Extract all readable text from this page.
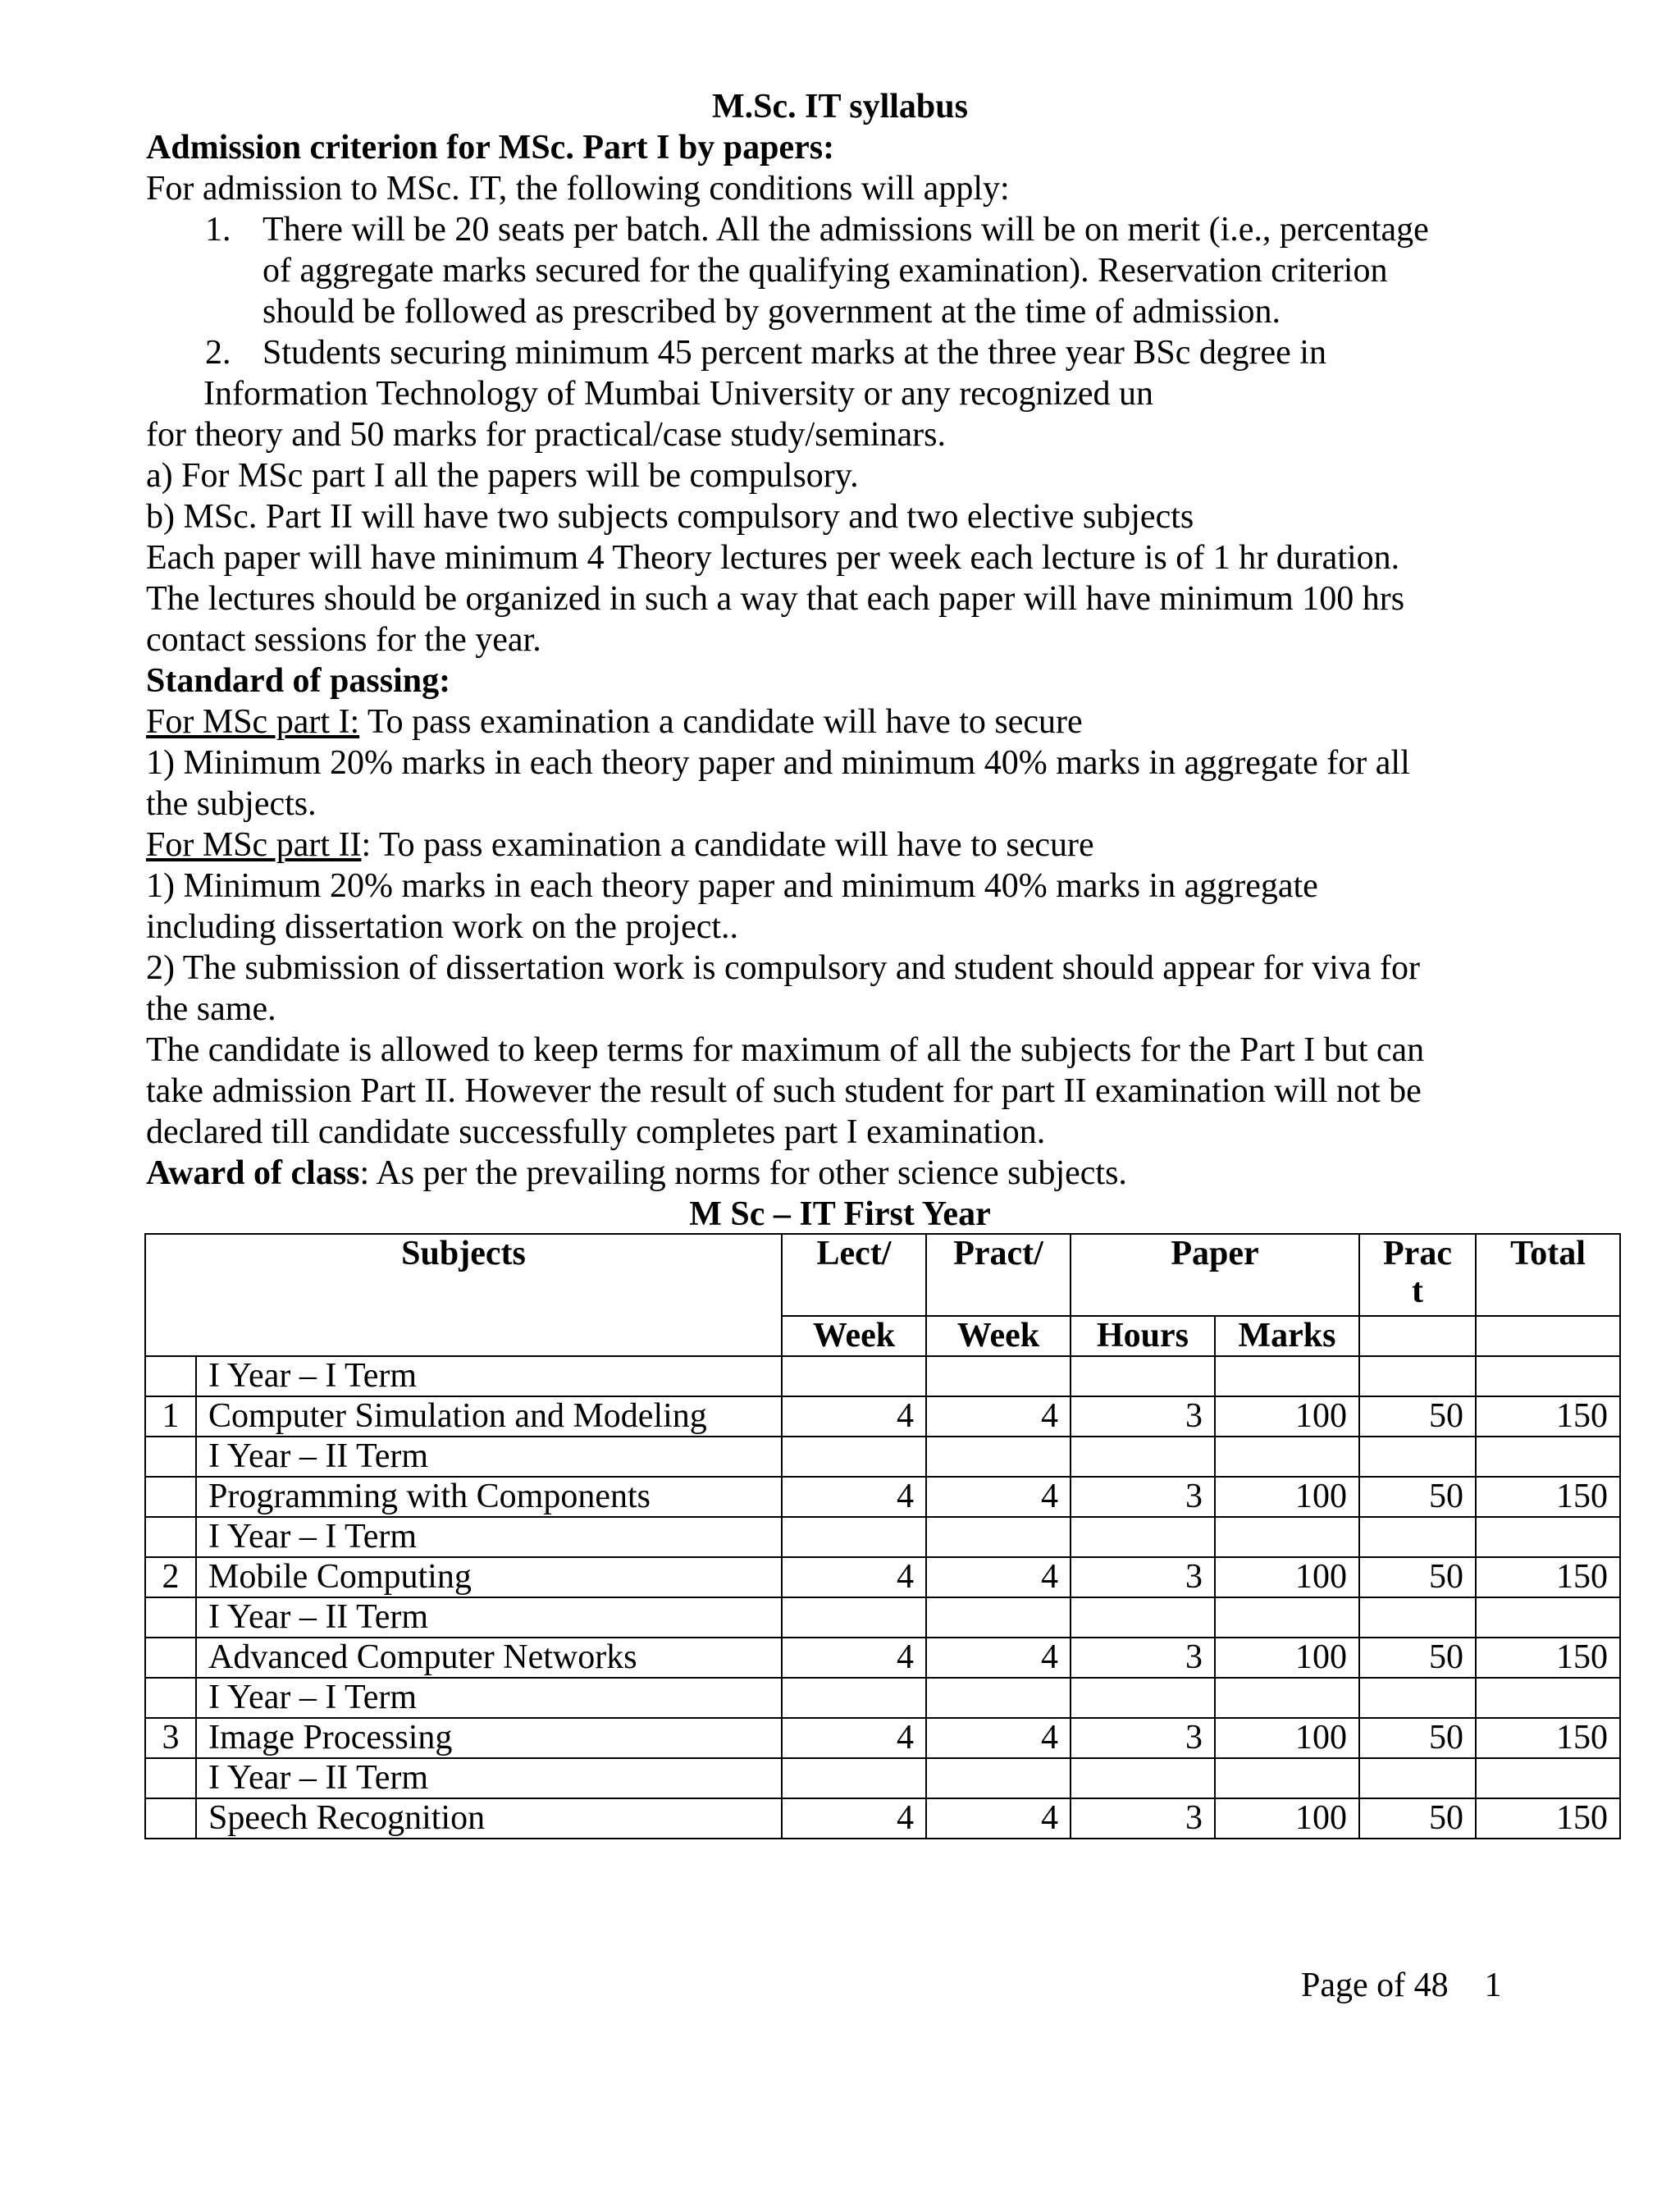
M.Sc. IT syllabus
Admission criterion for MSc. Part I by papers:
For admission to MSc. IT, the following conditions will apply:
1. There will be 20 seats per batch. All the admissions will be on merit (i.e., percentage
of aggregate marks secured for the qualifying examination). Reservation criterion
should be followed as prescribed by government at the time of admission.
2. Students securing minimum 45 percent marks at the three year BSc degree in
Information Technology of Mumbai University or any recognized un
for theory and 50 marks for practical/case study/seminars.
a) For MSc part I all the papers will be compulsory.
b) MSc. Part II will have two subjects compulsory and two elective subjects
Each paper will have minimum 4 Theory lectures per week each lecture is of 1 hr duration.
The lectures should be organized in such a way that each paper will have minimum 100 hrs
contact sessions for the year.
Standard of passing:
For MSc part I: To pass examination a candidate will have to secure
1) Minimum 20% marks in each theory paper and minimum 40% marks in aggregate for all
the subjects.
For MSc part II: To pass examination a candidate will have to secure
1) Minimum 20% marks in each theory paper and minimum 40% marks in aggregate
including dissertation work on the project..
2) The submission of dissertation work is compulsory and student should appear for viva for
the same.
The candidate is allowed to keep terms for maximum of all the subjects for the Part I but can
take admission Part II. However the result of such student for part II examination will not be
declared till candidate successfully completes part I examination.
Award of class: As per the prevailing norms for other science subjects.
M Sc – IT First Year
Subjects		Lect/	Pract/	Paper		Prac
t	Total
		Week	Week	Hours	Marks		
	I Year – I Term						
1	Computer Simulation and Modeling	4	4	3	100	50	150
	I Year – II Term						
	Programming with Components	4	4	3	100	50	150
	I Year – I Term						
2	Mobile Computing	4	4	3	100	50	150
	I Year – II Term						
	Advanced Computer Networks	4	4	3	100	50	150
	I Year – I Term						
3	Image Processing	4	4	3	100	50	150
	I Year – II Term						
	Speech Recognition	4	4	3	100	50	150
Page of 48 1
